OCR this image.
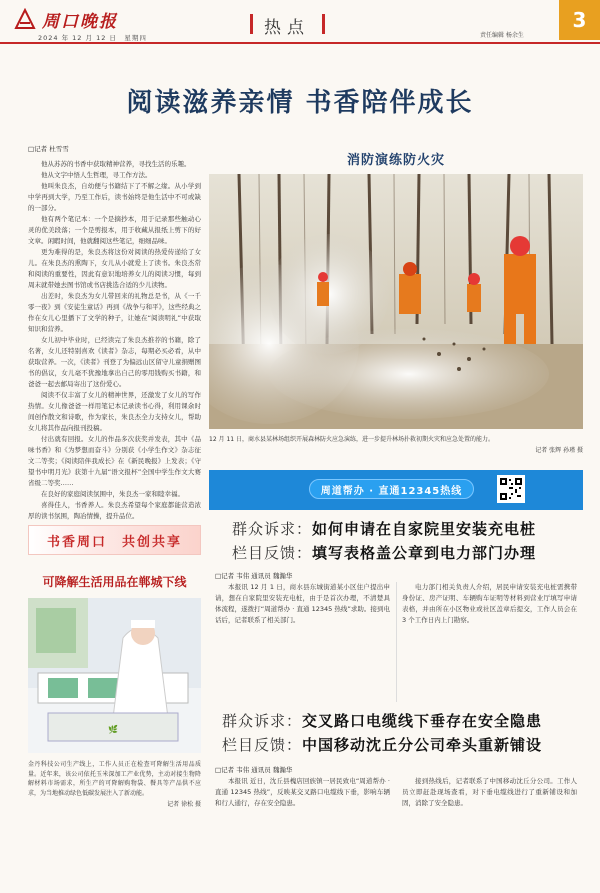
周口晚报
2024 年 12 月 12 日　星期四	热点	责任编辑 杨余生
3
阅读滋养亲情 书香陪伴成长
□记者 杜雪雪

他从苏苏的书香中获取精神营养，寻找生活的乐趣。

他从文字中悟人生哲理，寻工作方法。

他叫朱良杰，自幼便与书籍结下了不解之缘。从小学到中学再到大学，乃至工作后，读书始终是他生活中不可或缺的一部分。

他有两个笔记本：一个是摘抄本，用于记录那些触动心灵的优美段落；一个是剪报本，用于收藏从报纸上剪下的好文章。闲暇时间，他就翻阅这些笔记，细细品味。

更为难得的是，朱良杰将这份对阅读的热爱传递给了女儿。在朱良杰的熏陶下，女儿从小就爱上了读书。朱良杰常和阅读的重要性，因此有意识地培养女儿的阅读习惯，每到周末就带她去图书馆或书店挑选合适的少儿读物。

出差时，朱良杰为女儿带回来的礼物总是书，从《一千零一夜》到《安徒生童话》再到《战争与和平》，这些经典之作在女儿心里播下了文学的种子，让她在“阅读明礼”中获取知识和营养。

女儿初中毕业时，已经读完了朱良杰推荐的书籍，除了名著，女儿还特别喜欢《读者》杂志，每期必买必看，从中获取营养。一次，《读者》刊登了为偏远山区留守儿童捐赠图书的倡议，女儿毫不犹豫地拿出自己的零用钱购买书籍，和爸爸一起去邮局寄出了这份爱心。

阅读不仅丰富了女儿的精神世界，还激发了女儿的写作热情。女儿像爸爸一样用笔记本记录读书心得，利用课余时间创作散文和诗歌，作为家长，朱良杰全力支持女儿，帮助女儿将其作品向报刊投稿。

付出就有回报。女儿的作品多次获奖并发表，其中《品味书香》和《为梦想而奋斗》分别获《小学生作文》杂志征文二等奖；《阅读陪伴我成长》在《新民晚报》上发表；《守望书中明月光》获第十九届“语文报杯”全国中学生作文大赛省级二等奖……

在良好的家庭阅读氛围中，朱良杰一家和睦幸福。

喜得佳人，书香养人。朱良杰希望每个家庭都能营造浓厚的读书氛围，陶冶情操，提升品位。

书香周口　共创共享
可降解生活用品在郸城下线
🌿
金丹科技公司生产线上，工作人员正在检查可降解生活用品质量。近年来，该公司依托玉米深加工产业优势，主动对接生物降解材料市场需求，所生产的可降解购物袋、餐具等产品供不应求，为当地推动绿色低碳发展注入了新动能。
记者 徐松 摄
消防演练防火灾
12 月 11 日，商水县某林场组织开展森林防火应急演练，进一步提升林场扑救初期火灾和应急处置的能力。
记者 张辉 孙瑾 摄
周道帮办 · 直通12345热线
群众诉求：如何申请在自家院里安装充电桩
栏目反馈：填写表格盖公章到电力部门办理
□记者 韦伟 通讯员 魏瀚华

本报讯 12 月 1 日，商水县东城街道某小区住户提出申请，想在自家院里安装充电桩，由于是首次办理，不清楚具体流程，遂拨打“周道帮办 · 直通 12345 热线”求助。接到电话后，记者联系了相关部门。

电力部门相关负责人介绍，居民申请安装充电桩需携带身份证、房产证明、车辆购车证明等材料到营业厅填写申请表格，并由所在小区物业或社区盖章后提交，工作人员会在 3 个工作日内上门勘察。

群众诉求：交叉路口电缆线下垂存在安全隐患
栏目反馈：中国移动沈丘分公司牵头重新铺设
□记者 韦伟 通讯员 魏瀚华

本报讯 近日，沈丘县槐店回族镇一居民致电“周道帮办 · 直通 12345 热线”，反映某交叉路口电缆线下垂，影响车辆和行人通行，存在安全隐患。

接到热线后，记者联系了中国移动沈丘分公司。工作人员立即赶赴现场查看，对下垂电缆线进行了重新铺设和加固，消除了安全隐患。
